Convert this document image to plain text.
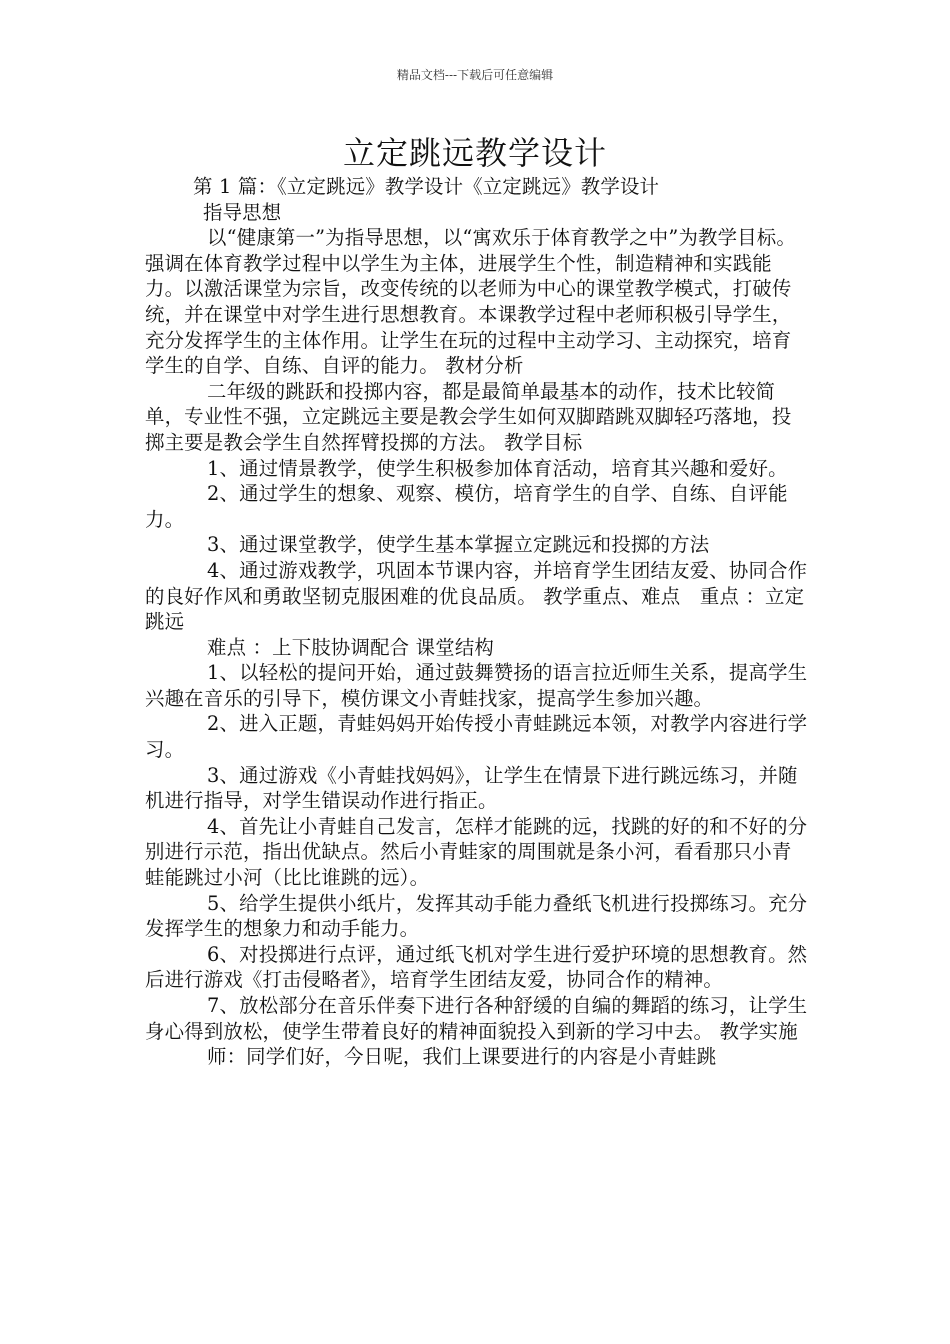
精品文档---下载后可任意编辑
立定跳远教学设计

第 1 篇：《立定跳远》教学设计《立定跳远》教学设计

指导思想

以“健康第一”为指导思想，以“寓欢乐于体育教学之中”为教学目标。强调在体育教学过程中以学生为主体，进展学生个性，制造精神和实践能力。以激活课堂为宗旨，改变传统的以老师为中心的课堂教学模式，打破传统，并在课堂中对学生进行思想教育。本课教学过程中老师积极引导学生，充分发挥学生的主体作用。让学生在玩的过程中主动学习、主动探究，培育学生的自学、自练、自评的能力。 教材分析

二年级的跳跃和投掷内容，都是最简单最基本的动作，技术比较简单，专业性不强，立定跳远主要是教会学生如何双脚踏跳双脚轻巧落地，投掷主要是教会学生自然挥臂投掷的方法。 教学目标

1、通过情景教学，使学生积极参加体育活动，培育其兴趣和爱好。

2、通过学生的想象、观察、模仿，培育学生的自学、自练、自评能力。

3、通过课堂教学，使学生基本掌握立定跳远和投掷的方法

4、通过游戏教学，巩固本节课内容，并培育学生团结友爱、协同合作的良好作风和勇敢坚韧克服困难的优良品质。 教学重点、难点　重点 ：立定跳远

难点 ：上下肢协调配合 课堂结构

1、以轻松的提问开始，通过鼓舞赞扬的语言拉近师生关系，提高学生兴趣在音乐的引导下，模仿课文小青蛙找家，提高学生参加兴趣。

2、进入正题，青蛙妈妈开始传授小青蛙跳远本领，对教学内容进行学习。

3、通过游戏《小青蛙找妈妈》，让学生在情景下进行跳远练习，并随机进行指导，对学生错误动作进行指正。

4、首先让小青蛙自己发言，怎样才能跳的远，找跳的好的和不好的分别进行示范，指出优缺点。然后小青蛙家的周围就是条小河，看看那只小青蛙能跳过小河（比比谁跳的远）。

5、给学生提供小纸片，发挥其动手能力叠纸飞机进行投掷练习。充分发挥学生的想象力和动手能力。

6、对投掷进行点评，通过纸飞机对学生进行爱护环境的思想教育。然后进行游戏《打击侵略者》，培育学生团结友爱，协同合作的精神。

7、放松部分在音乐伴奏下进行各种舒缓的自编的舞蹈的练习，让学生身心得到放松，使学生带着良好的精神面貌投入到新的学习中去。 教学实施

师：同学们好，今日呢，我们上课要进行的内容是小青蛙跳
